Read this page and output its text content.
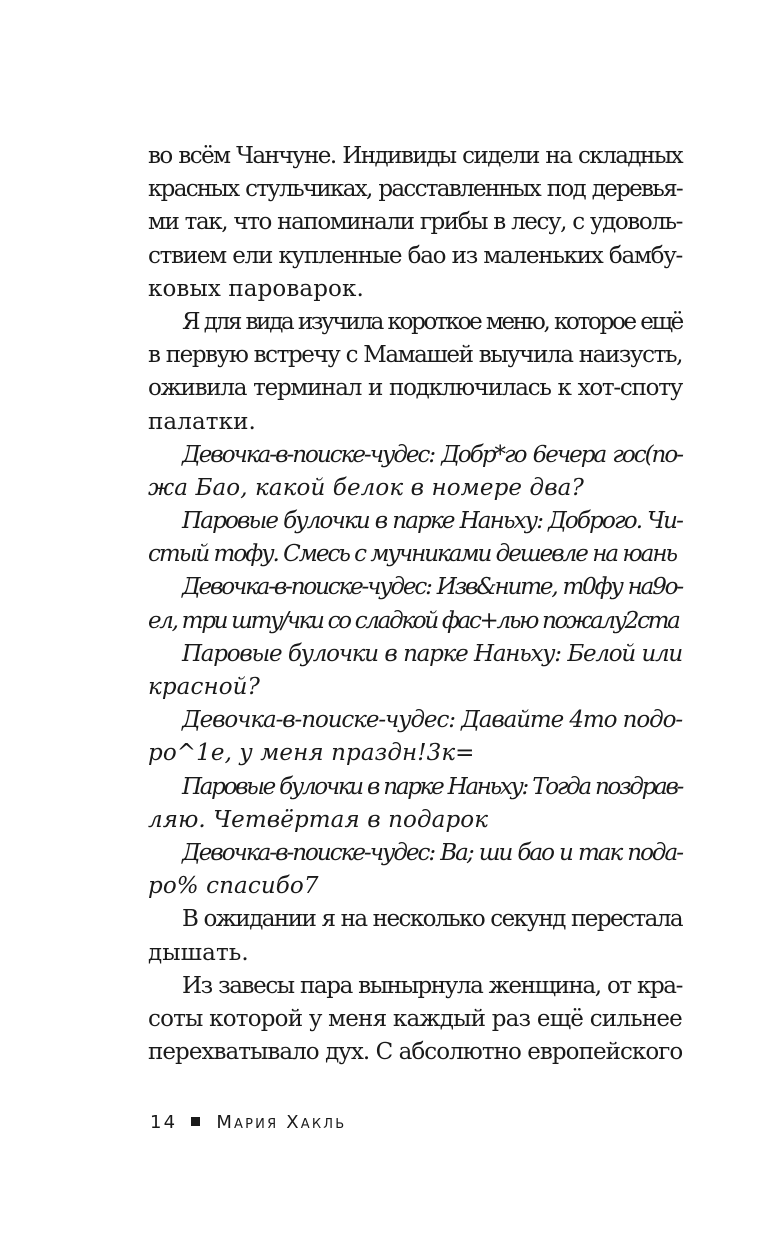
во всём Чанчуне. Индивиды сидели на складных
красных стульчиках, расставленных под деревья-
ми так, что напоминали грибы в лесу, с удоволь-
ствием ели купленные бао из маленьких бамбу-
ковых пароварок.
Я для вида изучила короткое меню, которое ещё
в первую встречу с Мамашей выучила наизусть,
оживила терминал и подключилась к хот-споту
палатки.
Девочка-в-поиске-чудес: Добр*го 6ечера гос(по-
жа Бао, какой белок в номере два?
Паровые булочки в парке Наньху: Доброго. Чи-
стый тофу. Смесь с мучниками дешевле на юань
Девочка-в-поиске-чудес: Изв&ните, т0фу на9о-
ел, три шту/чки со сладкой фас+лью пожалу2ста
Паровые булочки в парке Наньху: Белой или
красной?
Девочка-в-поиске-чудес: Давайте 4то подо-
ро^1е, у меня праздн!3к=
Паровые булочки в парке Наньху: Тогда поздрав-
ляю. Четвёртая в подарок
Девочка-в-поиске-чудес: Ва; ши бао и так пода-
ро% спасибо7
В ожидании я на несколько секунд перестала
дышать.
Из завесы пара вынырнула женщина, от кра-
соты которой у меня каждый раз ещё сильнее
перехватывало дух. С абсолютно европейского
14 Мария Хакль
